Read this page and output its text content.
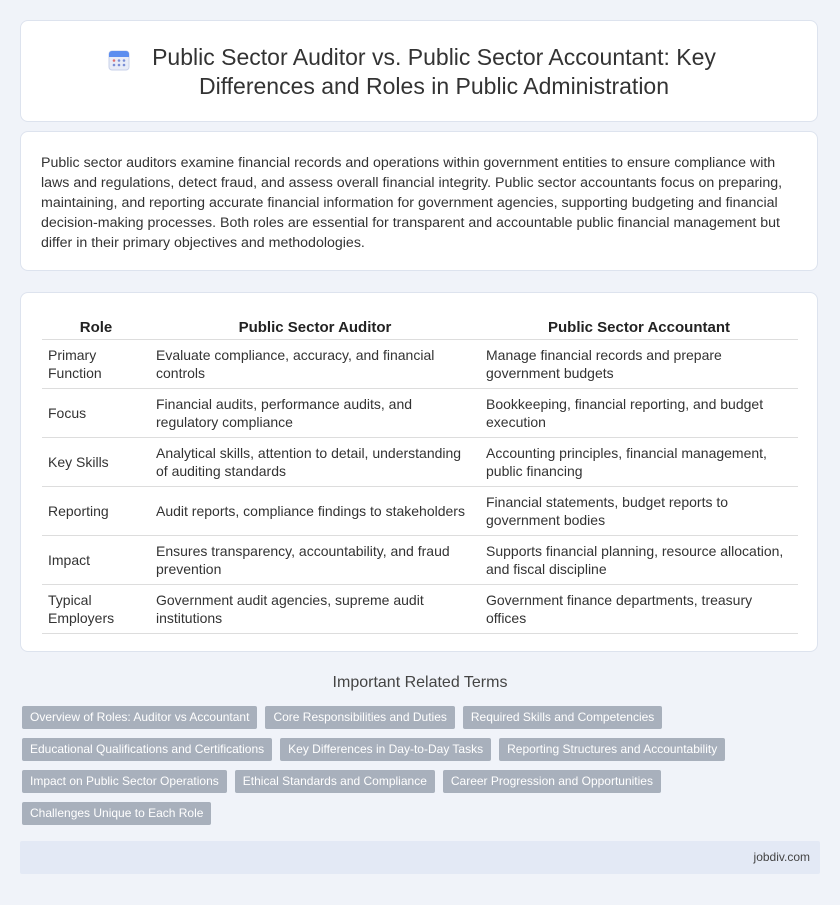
Public Sector Auditor vs. Public Sector Accountant: Key Differences and Roles in Public Administration

Public sector auditors examine financial records and operations within government entities to ensure compliance with laws and regulations, detect fraud, and assess overall financial integrity. Public sector accountants focus on preparing, maintaining, and reporting accurate financial information for government agencies, supporting budgeting and financial decision-making processes. Both roles are essential for transparent and accountable public financial management but differ in their primary objectives and methodologies.

Role	Public Sector Auditor	Public Sector Accountant
Primary Function	Evaluate compliance, accuracy, and financial controls	Manage financial records and prepare government budgets
Focus	Financial audits, performance audits, and regulatory compliance	Bookkeeping, financial reporting, and budget execution
Key Skills	Analytical skills, attention to detail, understanding of auditing standards	Accounting principles, financial management, public financing
Reporting	Audit reports, compliance findings to stakeholders	Financial statements, budget reports to government bodies
Impact	Ensures transparency, accountability, and fraud prevention	Supports financial planning, resource allocation, and fiscal discipline
Typical Employers	Government audit agencies, supreme audit institutions	Government finance departments, treasury offices
Important Related Terms
Overview of Roles: Auditor vs Accountant	Core Responsibilities and Duties	Required Skills and Competencies
Educational Qualifications and Certifications	Key Differences in Day-to-Day Tasks	Reporting Structures and Accountability
Impact on Public Sector Operations	Ethical Standards and Compliance	Career Progression and Opportunities
Challenges Unique to Each Role
jobdiv.com
